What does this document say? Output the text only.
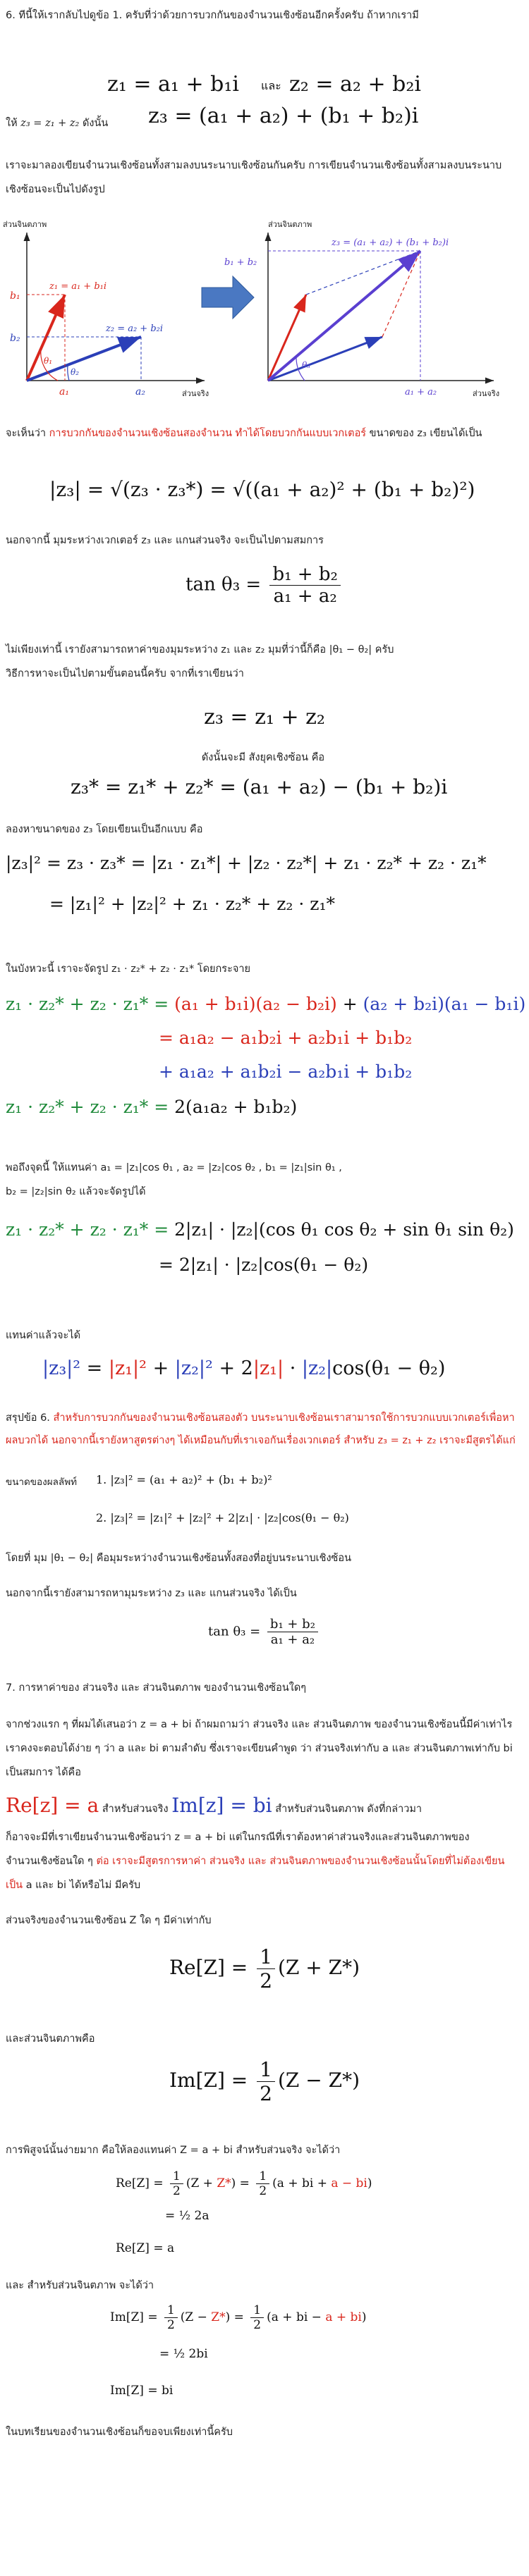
6. ทีนี้ให้เรากลับไปดูข้อ 1. ครับที่ว่าด้วยการบวกกันของจำนวนเชิงซ้อนอีกครั้งครับ ถ้าหากเรามี
z₁ = a₁ + b₁i และ z₂ = a₂ + b₂i
ให้ z₃ = z₁ + z₂ ดังนั้น	z₃ = (a₁ + a₂) + (b₁ + b₂)i
เราจะมาลองเขียนจำนวนเชิงซ้อนทั้งสามลงบนระนาบเชิงซ้อนกันครับ การเขียนจำนวนเชิงซ้อนทั้งสามลงบนระนาบเชิงซ้อนจะเป็นไปดังรูป
ส่วนจินตภาพ
ส่วนจริง
z₁ = a₁ + b₁i
z₂ = a₂ + b₂i
b₁
b₂
a₁	a₂
θ₁
θ₂
ส่วนจินตภาพ
ส่วนจริง
z₃ = (a₁ + a₂) + (b₁ + b₂)i
b₁ + b₂
a₁ + a₂
θ₃
จะเห็นว่า การบวกกันของจำนวนเชิงซ้อนสองจำนวน ทำได้โดยบวกกันแบบเวกเตอร์ ขนาดของ z₃ เขียนได้เป็น
|z₃| = √(z₃ · z₃*) = √((a₁ + a₂)² + (b₁ + b₂)²)
นอกจากนี้ มุมระหว่างเวกเตอร์ z₃ และ แกนส่วนจริง จะเป็นไปตามสมการ
$\tan \theta_3 = \frac{\text{b₁ + b₂}}{\text{a₁ + a₂}}$
ไม่เพียงเท่านี้ เรายังสามารถหาค่าของมุมระหว่าง z₁ และ z₂ มุมที่ว่านี้ก็คือ |θ₁ − θ₂| ครับ
วิธีการหาจะเป็นไปตามขั้นตอนนี้ครับ จากที่เราเขียนว่า
z₃ = z₁ + z₂
ดังนั้นจะมี สังยุคเชิงซ้อน คือ
z₃* = z₁* + z₂* = (a₁ + a₂) − (b₁ + b₂)i
ลองหาขนาดของ z₃ โดยเขียนเป็นอีกแบบ คือ
|z₃|² = z₃ · z₃* = |z₁ · z₁*| + |z₂ · z₂*| + z₁ · z₂* + z₂ · z₁*
= |z₁|² + |z₂|² + z₁ · z₂* + z₂ · z₁*
ในบังหวะนี้ เราจะจัดรูป z₁ · z₂* + z₂ · z₁* โดยกระจาย
z₁ · z₂* + z₂ · z₁* = (a₁ + b₁i)(a₂ − b₂i) + (a₂ + b₂i)(a₁ − b₁i)
= a₁a₂ − a₁b₂i + a₂b₁i + b₁b₂
+ a₁a₂ + a₁b₂i − a₂b₁i + b₁b₂
z₁ · z₂* + z₂ · z₁* = 2(a₁a₂ + b₁b₂)
พอถึงจุดนี้ ให้แทนค่า a₁ = |z₁|cos θ₁ , a₂ = |z₂|cos θ₂ , b₁ = |z₁|sin θ₁ ,
b₂ = |z₂|sin θ₂ แล้วจะจัดรูปได้
z₁ · z₂* + z₂ · z₁* = 2|z₁| · |z₂|(cos θ₁ cos θ₂ + sin θ₁ sin θ₂)
= 2|z₁| · |z₂|cos(θ₁ − θ₂)
แทนค่าแล้วจะได้
|z₃|² = |z₁|² + |z₂|² + 2|z₁| · |z₂|cos(θ₁ − θ₂)
สรุปข้อ 6. สำหรับการบวกกันของจำนวนเชิงซ้อนสองตัว บนระนาบเชิงซ้อนเราสามารถใช้การบวกแบบเวกเตอร์เพื่อหาผลบวกได้ นอกจากนี้เรายังหาสูตรต่างๆ ได้เหมือนกับที่เราเจอกันเรื่องเวกเตอร์ สำหรับ z₃ = z₁ + z₂ เราจะมีสูตรได้แก่
ขนาดของผลลัพท์	1. |z₃|² = (a₁ + a₂)² + (b₁ + b₂)²
2. |z₃|² = |z₁|² + |z₂|² + 2|z₁| · |z₂|cos(θ₁ − θ₂)
โดยที่ มุม |θ₁ − θ₂| คือมุมระหว่างจำนวนเชิงซ้อนทั้งสองที่อยู่บนระนาบเชิงซ้อน
นอกจากนี้เรายังสามารถหามุมระหว่าง z₃ และ แกนส่วนจริง ได้เป็น
$\tan \theta_3 = \frac{\text{b₁ + b₂}}{\text{a₁ + a₂}}$
7. การหาค่าของ ส่วนจริง และ ส่วนจินตภาพ ของจำนวนเชิงซ้อนใดๆ
จากช่วงแรก ๆ ที่ผมได้เสนอว่า z = a + bi ถ้าผมถามว่า ส่วนจริง และ ส่วนจินตภาพ ของจำนวนเชิงซ้อนนี้มีค่าเท่าไร เราคงจะตอบได้ง่าย ๆ ว่า a และ bi ตามลำดับ ซึ่งเราจะเขียนคำพูด ว่า ส่วนจริงเท่ากับ a และ ส่วนจินตภาพเท่ากับ bi เป็นสมการ ได้คือ
Re[z] = a สำหรับส่วนจริง Im[z] = bi สำหรับส่วนจินตภาพ ดังที่กล่าวมา
ก็อาจจะมีที่เราเขียนจำนวนเชิงซ้อนว่า z = a + bi แต่ในกรณีที่เราต้องหาค่าส่วนจริงและส่วนจินตภาพของจำนวนเชิงซ้อนใด ๆ ต่อ เราจะมีสูตรการหาค่า ส่วนจริง และ ส่วนจินตภาพของจำนวนเชิงซ้อนนั้นโดยที่ไม่ต้องเขียนเป็น a และ bi ได้หรือไม่ มีครับ
ส่วนจริงของจำนวนเชิงซ้อน Z ใด ๆ มีค่าเท่ากับ
$Re[Z] = \frac{1}{2} (Z + Z*)$
และส่วนจินตภาพคือ
$Im[Z] = \frac{1}{2} (Z - Z*)$
การพิสูจน์นั้นง่ายมาก คือให้ลองแทนค่า Z = a + bi สำหรับส่วนจริง จะได้ว่า
$Re[Z] = \frac{1}{2} (Z + Z*) = \frac{1}{2} (a$ + bi + a − bi)
= ½ 2a
Re[Z] = a
และ สำหรับส่วนจินตภาพ จะได้ว่า
$Im[Z] = \frac{1}{2} (Z - Z*) = \frac{1}{2} (a$ + bi − a + bi)
= ½ 2bi
Im[Z] = bi
ในบทเรียนของจำนวนเชิงซ้อนก็ขอจบเพียงเท่านี้ครับ
